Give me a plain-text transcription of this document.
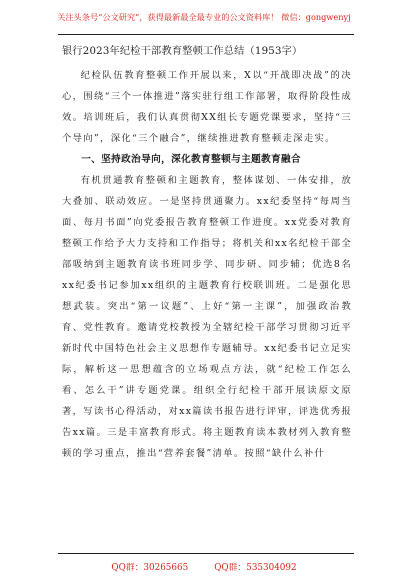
关注头条号“公文研究”，获得最新最全最专业的公文资料库！ 微信：gongwenyj

银行2023年纪检干部教育整顿工作总结（1953字）

纪检队伍教育整顿工作开展以来，X以“开战即决战”的决心，围绕“三个一体推进”落实驻行组工作部署，取得阶段性成效。培训班后，我们认真贯彻XX组长专题党课要求，坚持“三个导向”，深化“三个融合”，继续推进教育整顿走深走实。

一、坚持政治导向，深化教育整顿与主题教育融合

有机贯通教育整顿和主题教育，整体谋划、一体安排，放大叠加、联动效应。一是坚持贯通聚力。xx纪委坚持“每周当面、每月书面”向党委报告教育整顿工作进度。xx党委对教育整顿工作给予大力支持和工作指导；将机关和xx名纪检干部全部吸纳到主题教育读书班同步学、同步研、同步辅；优选8名xx纪委书记参加xx组织的主题教育行校联训班。二是强化思想武装。突出“第一议题”、上好“第一主课”，加强政治教育、党性教育。邀请党校教授为全辖纪检干部学习贯彻习近平新时代中国特色社会主义思想作专题辅导。xx纪委书记立足实际，解析这一思想蕴含的立场观点方法，就“纪检工作怎么看、怎么干”讲专题党课。组织全行纪检干部开展读原文原著，写读书心得活动，对xx篇读书报告进行评审，评选优秀报告xx篇。三是丰富教育形式。将主题教育读本教材列入教育整顿的学习重点，推出“营养套餐”清单。按照“缺什么补什

QQ群：30265665	QQ群：535304092
